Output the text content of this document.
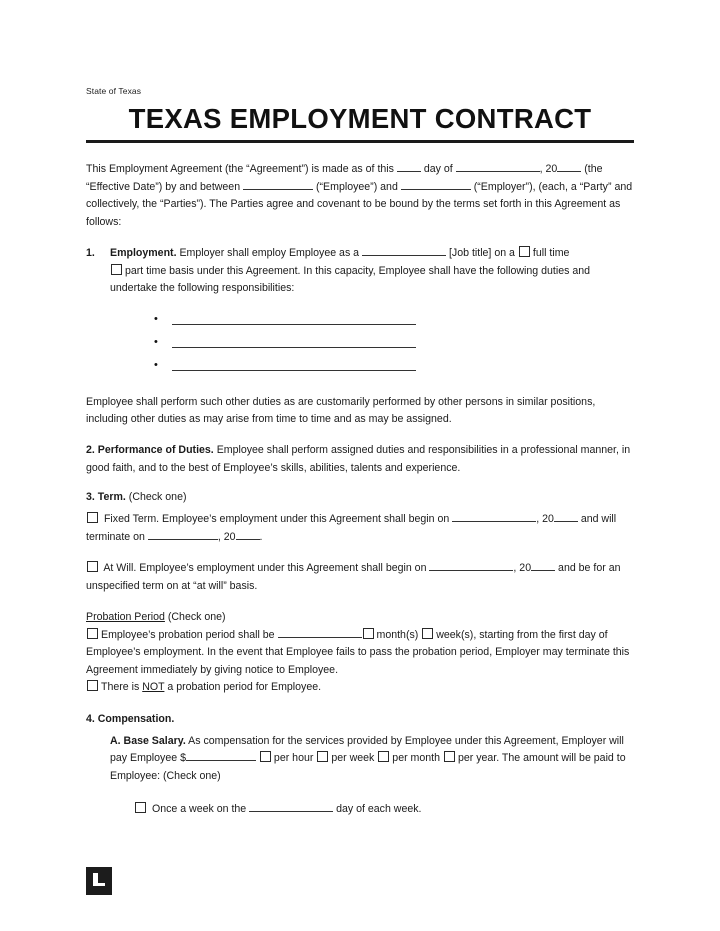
State of Texas
TEXAS EMPLOYMENT CONTRACT

This Employment Agreement (the “Agreement”) is made as of this	day of	, 20	(the “Effective Date”) by and between	(“Employee”) and	(“Employer”), (each, a “Party” and collectively, the “Parties”). The Parties agree and covenant to be bound by the terms set forth in this Agreement as follows:

1. Employment. Employer shall employ Employee as a	[Job title] on a full time
part time basis under this Agreement. In this capacity, Employee shall have the following duties and undertake the following responsibilities:
•
•
•

Employee shall perform such other duties as are customarily performed by other persons in similar positions, including other duties as may arise from time to time and as may be assigned.

2. Performance of Duties. Employee shall perform assigned duties and responsibilities in a professional manner, in good faith, and to the best of Employee’s skills, abilities, talents and experience.

3. Term. (Check one)

Fixed Term. Employee’s employment under this Agreement shall begin on	, 20	and will terminate on	, 20 .

At Will. Employee’s employment under this Agreement shall begin on	, 20	and be for an unspecified term on at “at will” basis.

Probation Period (Check one)
Employee’s probation period shall be	month(s) week(s), starting from the first day of Employee’s employment. In the event that Employee fails to pass the probation period, Employer may terminate this Agreement immediately by giving notice to Employee.
There is NOT a probation period for Employee.

4. Compensation.

A. Base Salary. As compensation for the services provided by Employee under this Agreement, Employer will pay Employee $	per hour per week per month per year. The amount will be paid to Employee: (Check one)

Once a week on the	day of each week.
